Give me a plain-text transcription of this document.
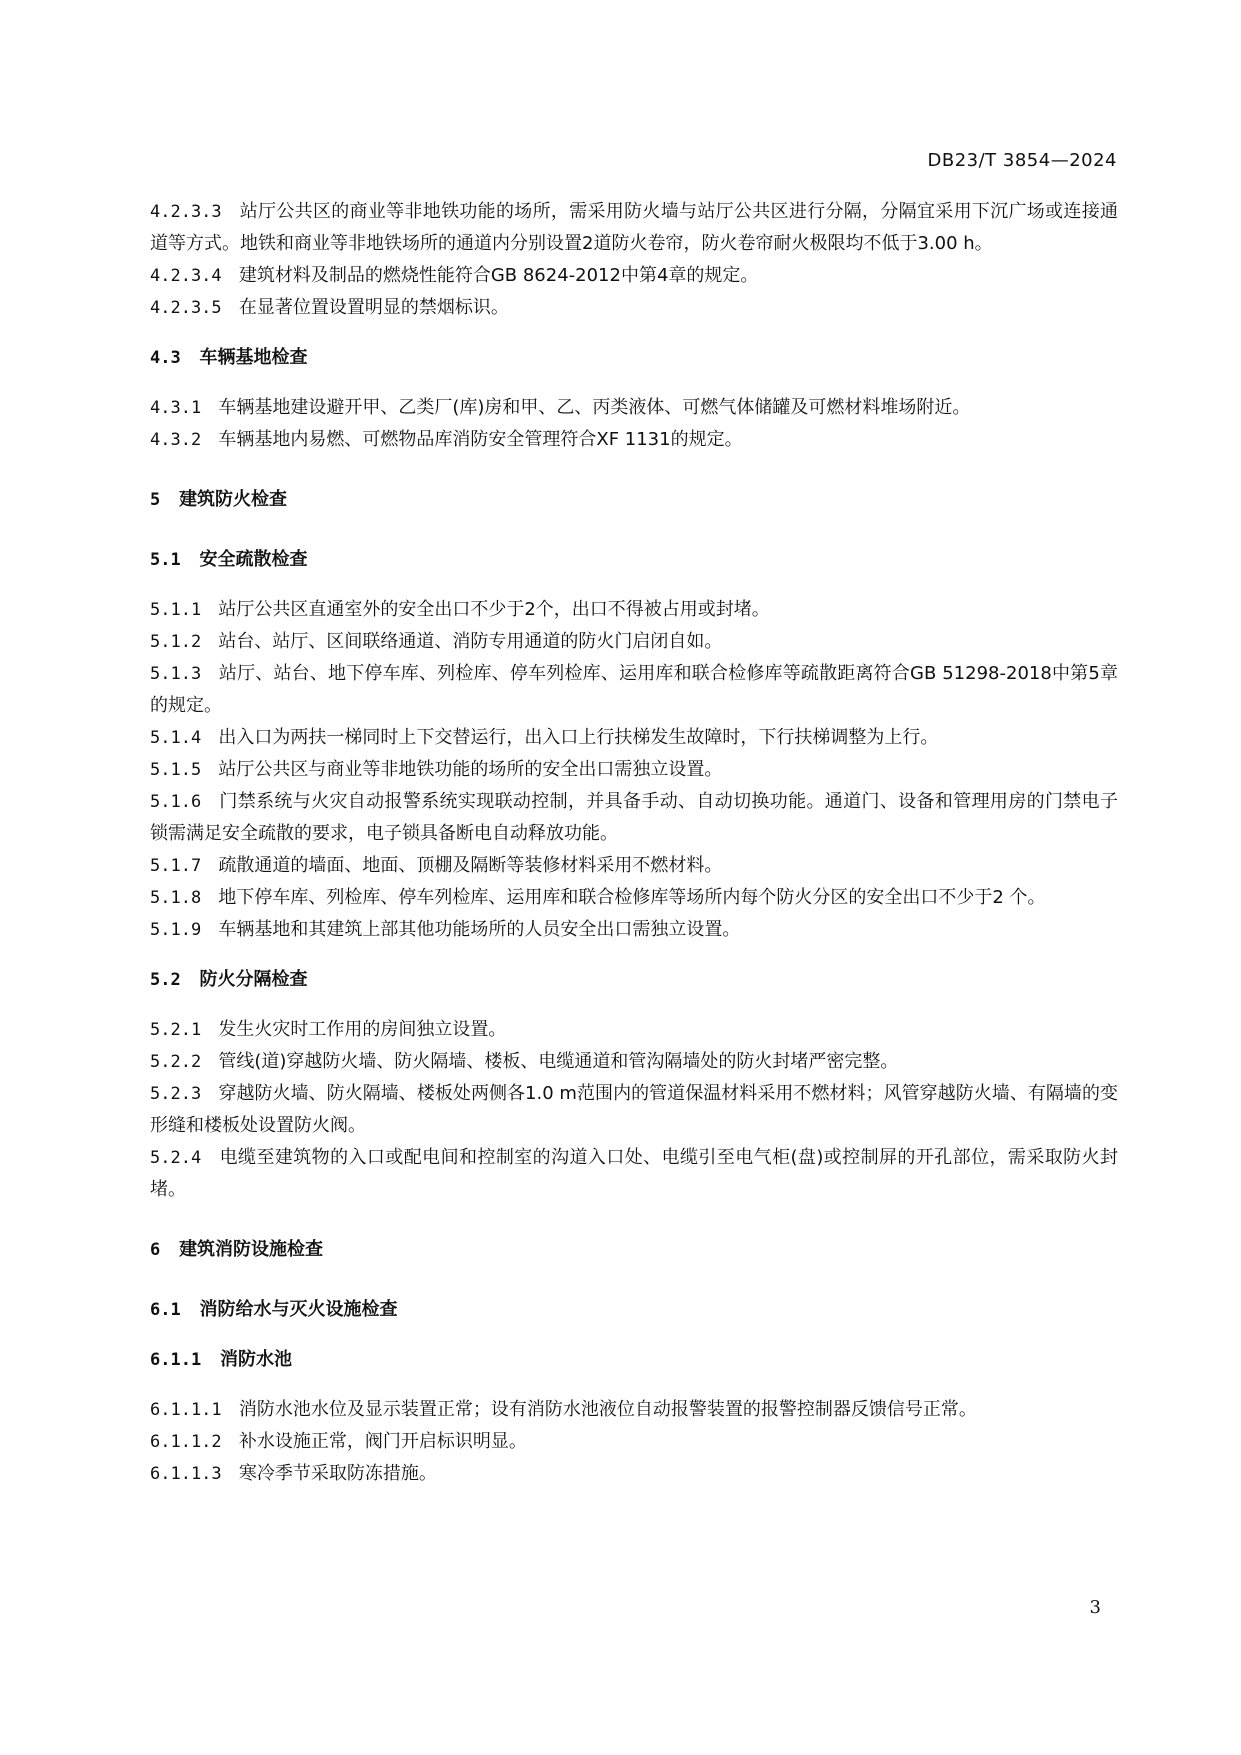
DB23/T 3854—2024
4.2.3.3 站厅公共区的商业等非地铁功能的场所，需采用防火墙与站厅公共区进行分隔，分隔宜采用下沉广场或连接通道等方式。地铁和商业等非地铁场所的通道内分别设置2道防火卷帘，防火卷帘耐火极限均不低于3.00 h。
4.2.3.4 建筑材料及制品的燃烧性能符合GB 8624-2012中第4章的规定。
4.2.3.5 在显著位置设置明显的禁烟标识。
4.3 车辆基地检查
4.3.1 车辆基地建设避开甲、乙类厂(库)房和甲、乙、丙类液体、可燃气体储罐及可燃材料堆场附近。
4.3.2 车辆基地内易燃、可燃物品库消防安全管理符合XF 1131的规定。
5 建筑防火检查
5.1 安全疏散检查
5.1.1 站厅公共区直通室外的安全出口不少于2个，出口不得被占用或封堵。
5.1.2 站台、站厅、区间联络通道、消防专用通道的防火门启闭自如。
5.1.3 站厅、站台、地下停车库、列检库、停车列检库、运用库和联合检修库等疏散距离符合GB 51298-2018中第5章的规定。
5.1.4 出入口为两扶一梯同时上下交替运行，出入口上行扶梯发生故障时，下行扶梯调整为上行。
5.1.5 站厅公共区与商业等非地铁功能的场所的安全出口需独立设置。
5.1.6 门禁系统与火灾自动报警系统实现联动控制，并具备手动、自动切换功能。通道门、设备和管理用房的门禁电子锁需满足安全疏散的要求，电子锁具备断电自动释放功能。
5.1.7 疏散通道的墙面、地面、顶棚及隔断等装修材料采用不燃材料。
5.1.8 地下停车库、列检库、停车列检库、运用库和联合检修库等场所内每个防火分区的安全出口不少于2 个。
5.1.9 车辆基地和其建筑上部其他功能场所的人员安全出口需独立设置。
5.2 防火分隔检查
5.2.1 发生火灾时工作用的房间独立设置。
5.2.2 管线(道)穿越防火墙、防火隔墙、楼板、电缆通道和管沟隔墙处的防火封堵严密完整。
5.2.3 穿越防火墙、防火隔墙、楼板处两侧各1.0 m范围内的管道保温材料采用不燃材料；风管穿越防火墙、有隔墙的变形缝和楼板处设置防火阀。
5.2.4 电缆至建筑物的入口或配电间和控制室的沟道入口处、电缆引至电气柜(盘)或控制屏的开孔部位，需采取防火封堵。
6 建筑消防设施检查
6.1 消防给水与灭火设施检查
6.1.1 消防水池
6.1.1.1 消防水池水位及显示装置正常；设有消防水池液位自动报警装置的报警控制器反馈信号正常。
6.1.1.2 补水设施正常，阀门开启标识明显。
6.1.1.3 寒冷季节采取防冻措施。
3
